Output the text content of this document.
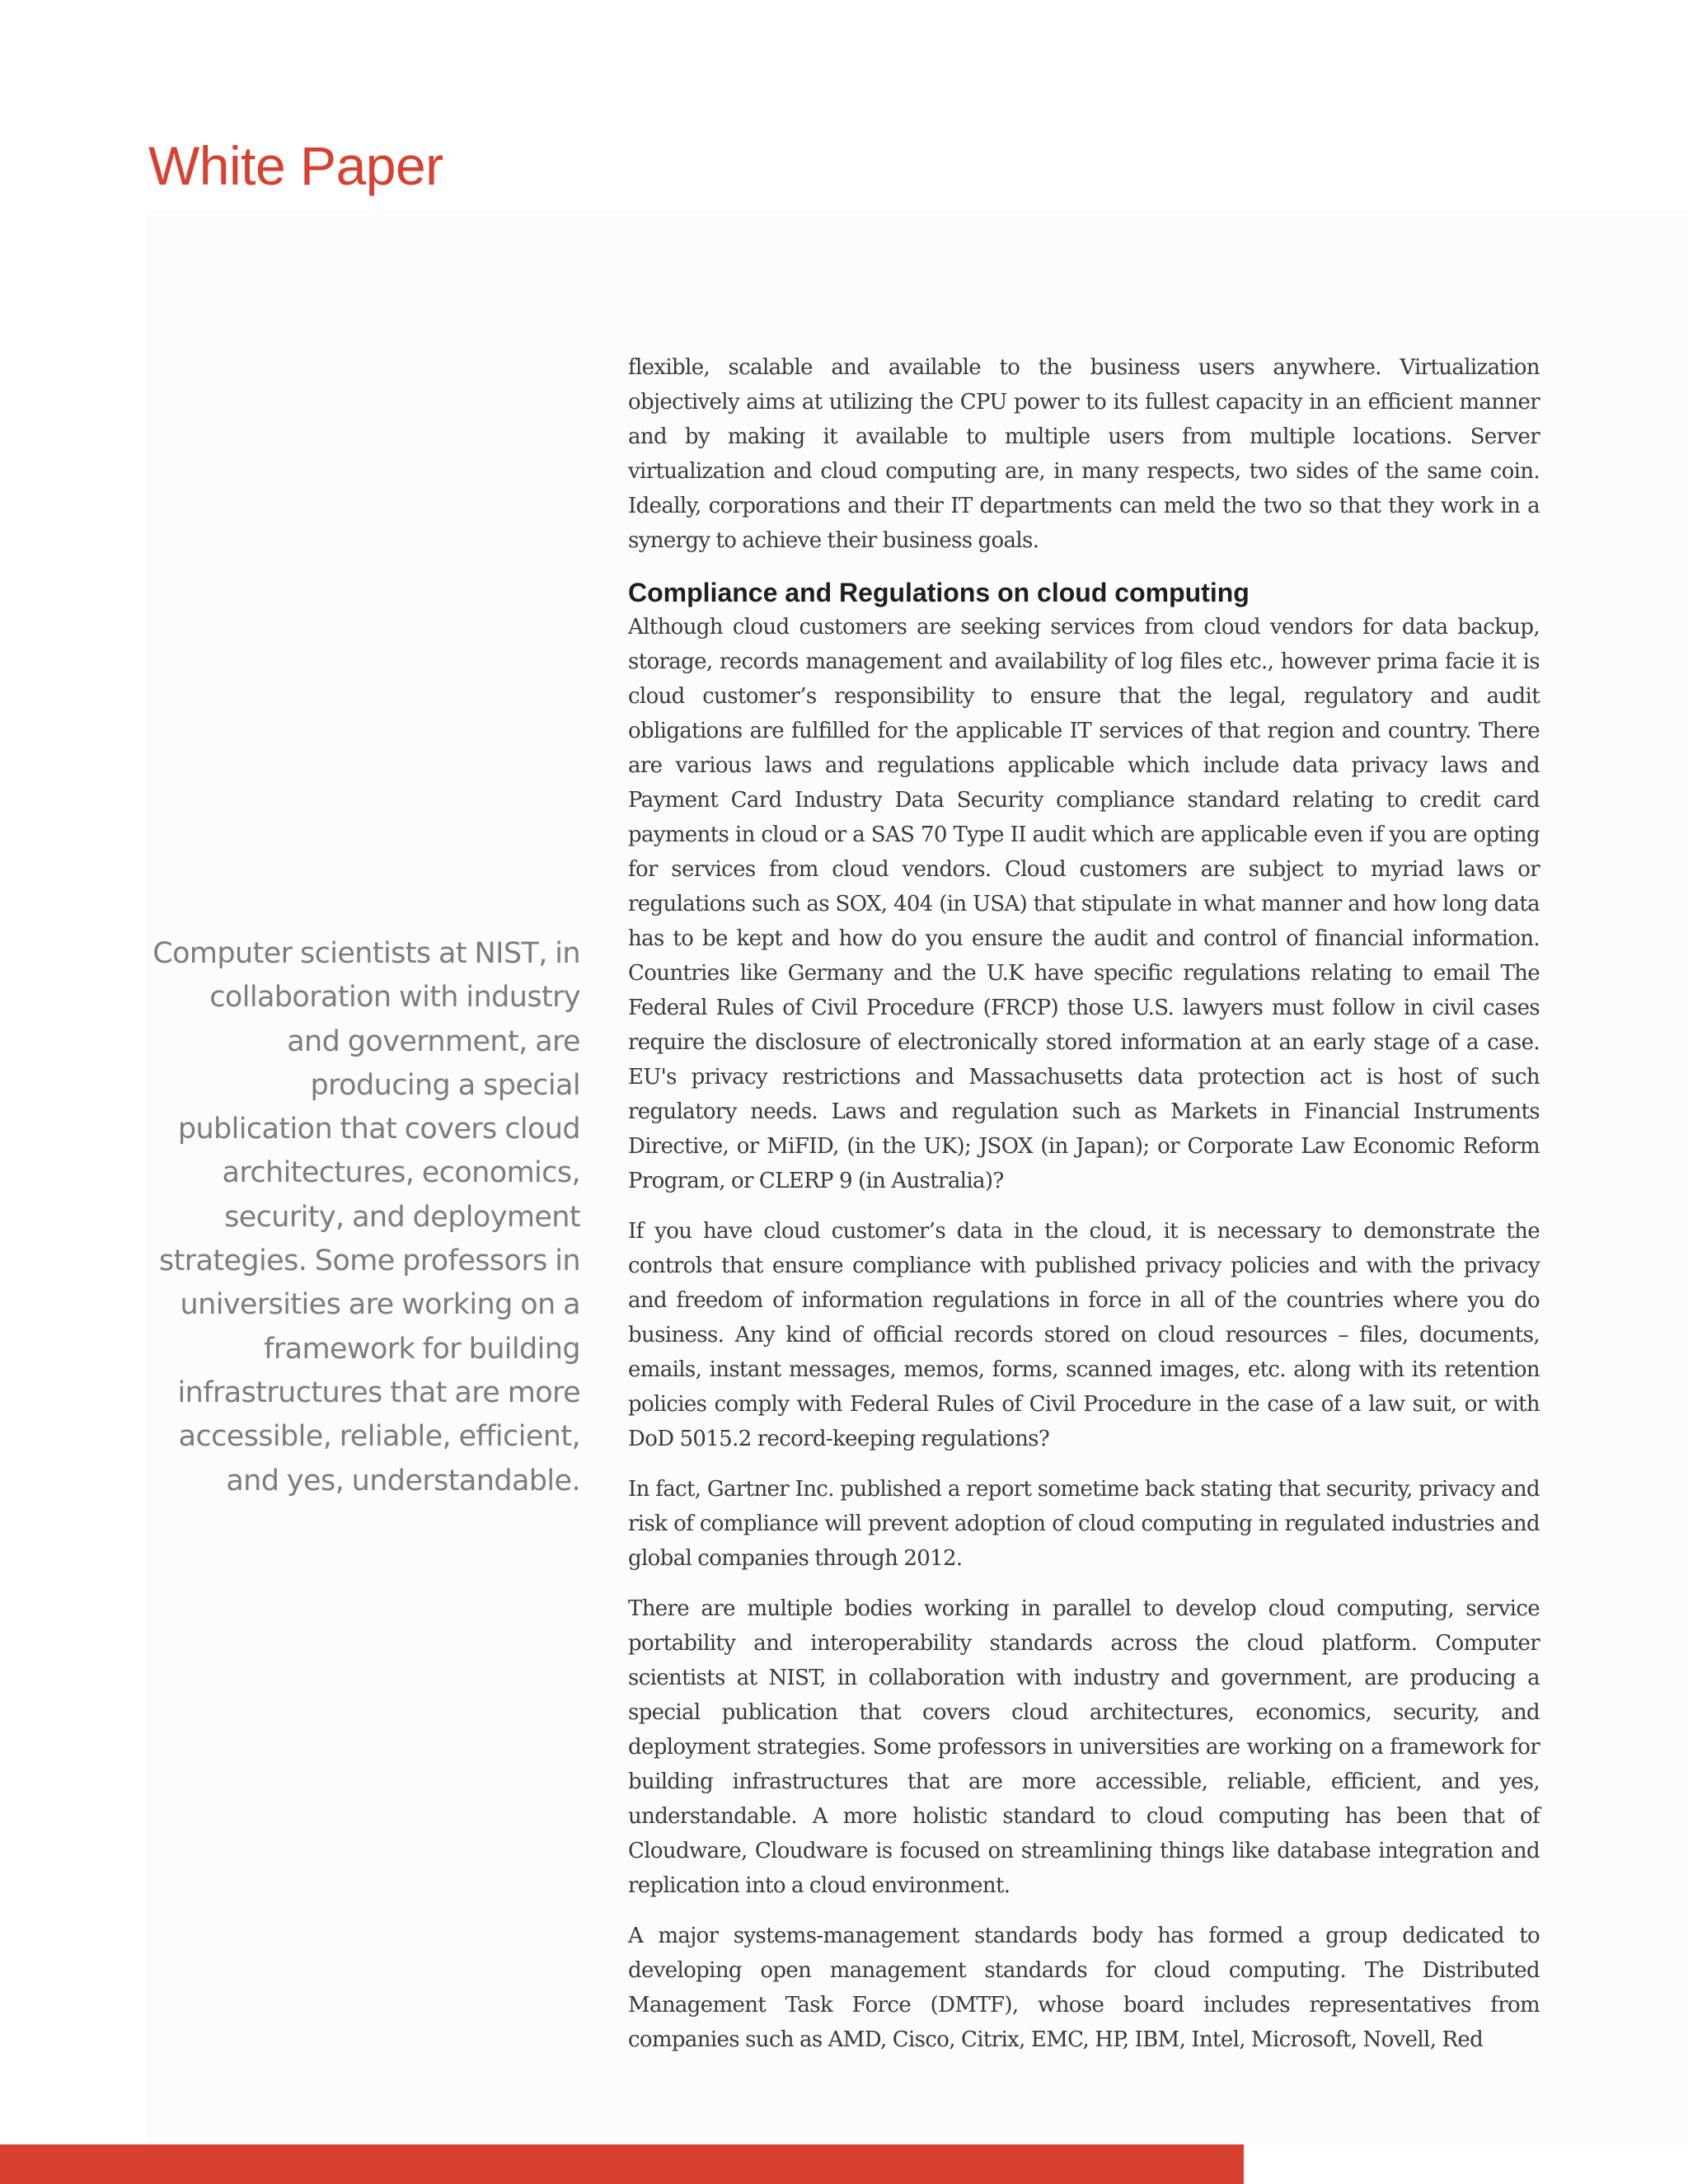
White Paper
Computer scientists at NIST, in
collaboration with industry
and government, are
producing a special
publication that covers cloud
architectures, economics,
security, and deployment
strategies. Some professors in
universities are working on a
framework for building
infrastructures that are more
accessible, reliable, efficient,
and yes, understandable.

flexible, scalable and available to the business users anywhere. Virtualization objectively aims at utilizing the CPU power to its fullest capacity in an efficient manner and by making it available to multiple users from multiple locations. Server virtualization and cloud computing are, in many respects, two sides of the same coin. Ideally, corporations and their IT departments can meld the two so that they work in a synergy to achieve their business goals.

Compliance and Regulations on cloud computing

Although cloud customers are seeking services from cloud vendors for data backup, storage, records management and availability of log files etc., however prima facie it is cloud customer’s responsibility to ensure that the legal, regulatory and audit obligations are fulfilled for the applicable IT services of that region and country. There are various laws and regulations applicable which include data privacy laws and Payment Card Industry Data Security compliance standard relating to credit card payments in cloud or a SAS 70 Type II audit which are applicable even if you are opting for services from cloud vendors. Cloud customers are subject to myriad laws or regulations such as SOX, 404 (in USA) that stipulate in what manner and how long data has to be kept and how do you ensure the audit and control of financial information. Countries like Germany and the U.K have specific regulations relating to email The Federal Rules of Civil Procedure (FRCP) those U.S. lawyers must follow in civil cases require the disclosure of electronically stored information at an early stage of a case. EU's privacy restrictions and Massachusetts data protection act is host of such regulatory needs. Laws and regulation such as Markets in Financial Instruments Directive, or MiFID, (in the UK); JSOX (in Japan); or Corporate Law Economic Reform Program, or CLERP 9 (in Australia)?

If you have cloud customer’s data in the cloud, it is necessary to demonstrate the controls that ensure compliance with published privacy policies and with the privacy and freedom of information regulations in force in all of the countries where you do business. Any kind of official records stored on cloud resources – files, documents, emails, instant messages, memos, forms, scanned images, etc. along with its retention policies comply with Federal Rules of Civil Procedure in the case of a law suit, or with DoD 5015.2 record-keeping regulations?

In fact, Gartner Inc. published a report sometime back stating that security, privacy and risk of compliance will prevent adoption of cloud computing in regulated industries and global companies through 2012.

There are multiple bodies working in parallel to develop cloud computing, service portability and interoperability standards across the cloud platform. Computer scientists at NIST, in collaboration with industry and government, are producing a special publication that covers cloud architectures, economics, security, and deployment strategies. Some professors in universities are working on a framework for building infrastructures that are more accessible, reliable, efficient, and yes, understandable. A more holistic standard to cloud computing has been that of Cloudware, Cloudware is focused on streamlining things like database integration and replication into a cloud environment.

A major systems-management standards body has formed a group dedicated to developing open management standards for cloud computing. The Distributed Management Task Force (DMTF), whose board includes representatives from companies such as AMD, Cisco, Citrix, EMC, HP, IBM, Intel, Microsoft, Novell, Red
